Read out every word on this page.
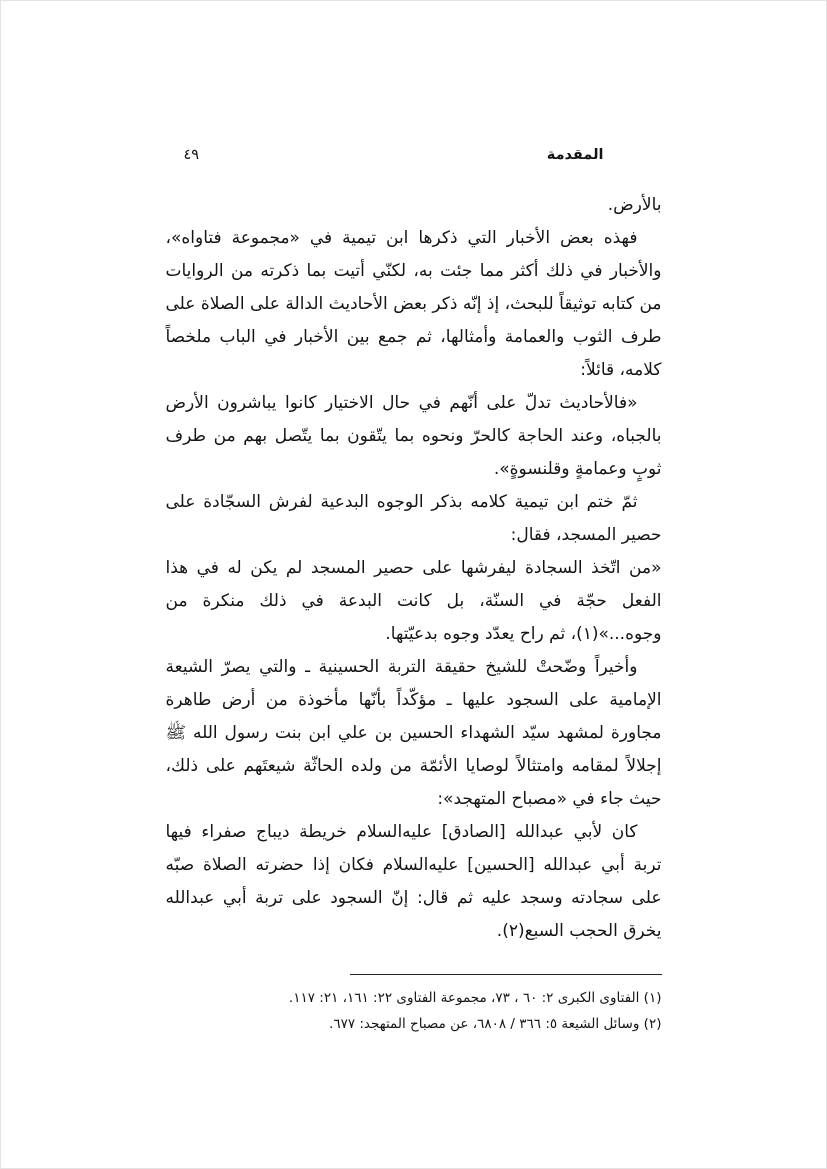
المقدمة
٤٩

بالأرض.

فهذه بعض الأخبار التي ذكرها ابن تيمية في «مجموعة فتاواه»، والأخبار في ذلك أكثر مما جئت به، لكنّي أتيت بما ذكرته من الروايات من كتابه توثيقاً للبحث، إذ إنّه ذكر بعض الأحاديث الدالة على الصلاة على طرف الثوب والعمامة وأمثالها، ثم جمع بين الأخبار في الباب ملخصاً كلامه، قائلاً:

«فالأحاديث تدلّ على أنّهم في حال الاختيار كانوا يباشرون الأرض بالجباه، وعند الحاجة كالحرّ ونحوه بما يتّقون بما يتّصل بهم من طرف ثوبٍ وعمامةٍ وقلنسوةٍ».

ثمّ ختم ابن تيمية كلامه بذكر الوجوه البدعية لفرش السجّادة على حصير المسجد، فقال:

«من اتّخذ السجادة ليفرشها على حصير المسجد لم يكن له في هذا الفعل حجّة في السنّة، بل كانت البدعة في ذلك منكرة من وجوه...»(١)، ثم راح يعدّد وجوه بدعيّتها.

وأخيراً وضّحتْ للشيخ حقيقة التربة الحسينية ـ والتي يصرّ الشيعة الإمامية على السجود عليها ـ مؤكّداً بأنّها مأخوذة من أرض طاهرة مجاورة لمشهد سيّد الشهداء الحسين بن علي ابن بنت رسول الله ﷺ إجلالاً لمقامه وامتثالاً لوصايا الأئمّة من ولده الحاثّة شيعتَهم على ذلك، حيث جاء في «مصباح المتهجد»:

كان لأبي عبدالله [الصادق] عليه‌السلام خريطة ديباج صفراء فيها تربة أبي عبدالله [الحسين] عليه‌السلام فكان إذا حضرته الصلاة صبّه على سجادته وسجد عليه ثم قال: إنّ السجود على تربة أبي عبدالله يخرق الحجب السبع(٢).

(١) الفتاوى الكبرى ٢: ٦٠ ، ٧٣، مجموعة الفتاوى ٢٢: ١٦١، ٢١: ١١٧.

(٢) وسائل الشيعة ٥: ٣٦٦ / ٦٨٠٨، عن مصباح المتهجد: ٦٧٧.
